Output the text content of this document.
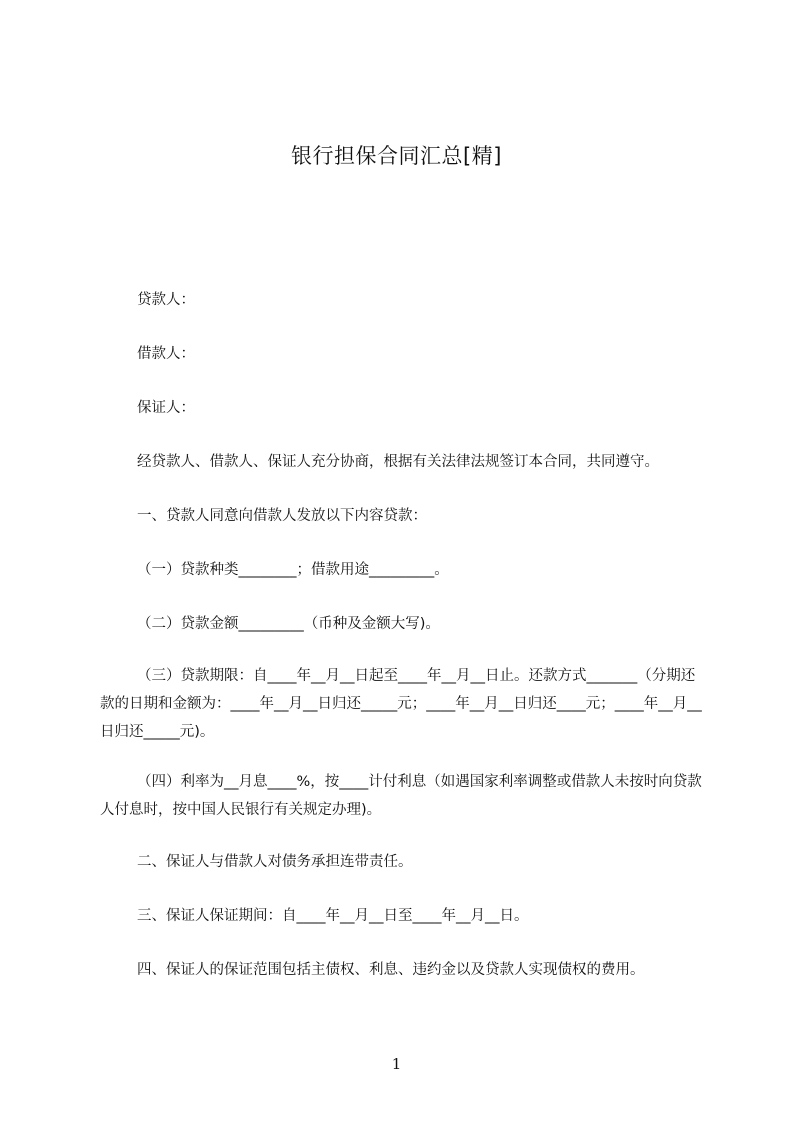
银行担保合同汇总[精]
贷款人：
借款人：
保证人：
经贷款人、借款人、保证人充分协商，根据有关法律法规签订本合同，共同遵守。
一、贷款人同意向借款人发放以下内容贷款：
（一）贷款种类________；借款用途_________。
（二）贷款金额_________（币种及金额大写)。
（三）贷款期限：自____年__月__日起至____年__月__日止。还款方式_______（分期还款的日期和金额为：____年__月__日归还_____元；____年__月__日归还____元；____年__月__日归还_____元)。
（四）利率为__月息____%，按____计付利息（如遇国家利率调整或借款人未按时向贷款人付息时，按中国人民银行有关规定办理)。
二、保证人与借款人对债务承担连带责任。
三、保证人保证期间：自____年__月__日至____年__月__日。
四、保证人的保证范围包括主债权、利息、违约金以及贷款人实现债权的费用。
1
